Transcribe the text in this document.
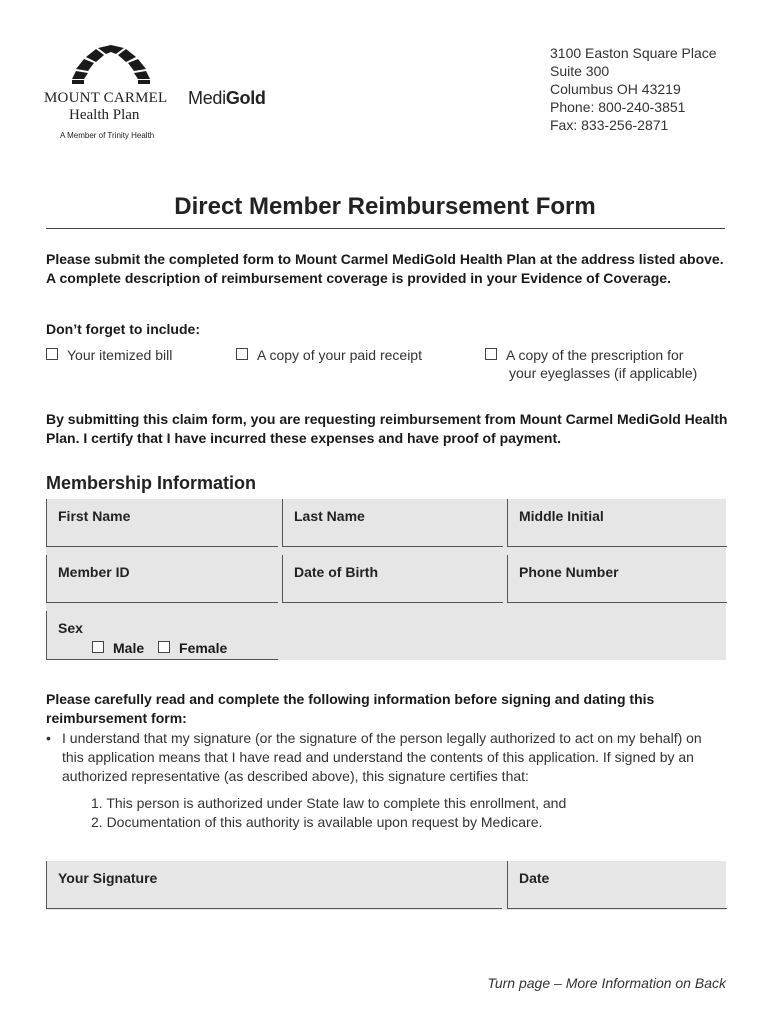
MOUNT CARMEL
Health Plan
A Member of Trinity Health
MediGold
3100 Easton Square Place
Suite 300
Columbus OH 43219
Phone: 800-240-3851
Fax: 833-256-2871
Direct Member Reimbursement Form
Please submit the completed form to Mount Carmel MediGold Health Plan at the address listed above. A complete description of reimbursement coverage is provided in your Evidence of Coverage.
Don’t forget to include:
Your itemized bill	A copy of your paid receipt	A copy of the prescription for
your eyeglasses (if applicable)
By submitting this claim form, you are requesting reimbursement from Mount Carmel MediGold Health Plan. I certify that I have incurred these expenses and have proof of payment.
Membership Information
First Name	Last Name	Middle Initial
Member ID	Date of Birth	Phone Number
Sex
Male Female
Please carefully read and complete the following information before signing and dating this reimbursement form:
• I understand that my signature (or the signature of the person legally authorized to act on my behalf) on this application means that I have read and understand the contents of this application. If signed by an authorized representative (as described above), this signature certifies that:
1. This person is authorized under State law to complete this enrollment, and
2. Documentation of this authority is available upon request by Medicare.
Your Signature	Date
Turn page – More Information on Back
